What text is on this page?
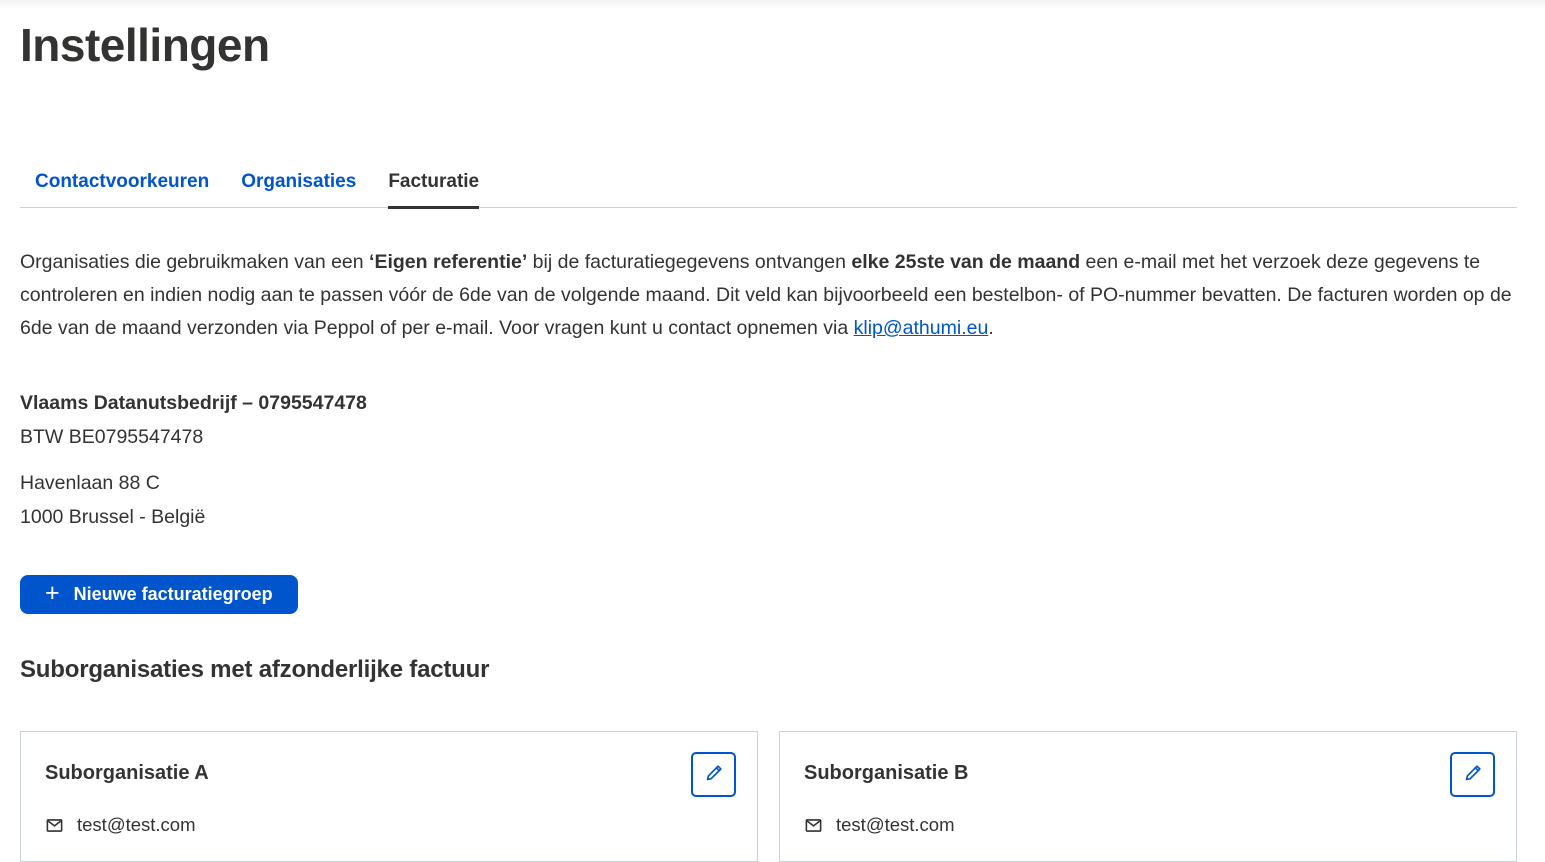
Instellingen
Contactvoorkeuren Organisaties Facturatie

Organisaties die gebruikmaken van een ‘Eigen referentie’ bij de facturatiegegevens ontvangen elke 25ste van de maand een e-mail met het verzoek deze gegevens te controleren en indien nodig aan te passen vóór de 6de van de volgende maand. Dit veld kan bijvoorbeeld een bestelbon- of PO-nummer bevatten. De facturen worden op de 6de van de maand verzonden via Peppol of per e-mail. Voor vragen kunt u contact opnemen via klip@athumi.eu.

Vlaams Datanutsbedrijf – 0795547478
BTW BE0795547478
Havenlaan 88 C
1000 Brussel - België
+ Nieuwe facturatiegroep
Suborganisaties met afzonderlijke factuur
Suborganisatie A
test@test.com
Suborganisatie B
test@test.com
